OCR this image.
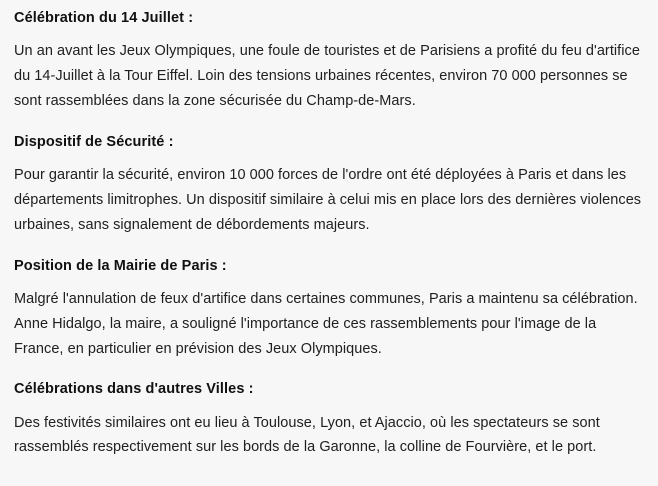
Célébration du 14 Juillet :

Un an avant les Jeux Olympiques, une foule de touristes et de Parisiens a profité du feu d'artifice du 14-Juillet à la Tour Eiffel. Loin des tensions urbaines récentes, environ 70 000 personnes se sont rassemblées dans la zone sécurisée du Champ-de-Mars.

Dispositif de Sécurité :

Pour garantir la sécurité, environ 10 000 forces de l'ordre ont été déployées à Paris et dans les départements limitrophes. Un dispositif similaire à celui mis en place lors des dernières violences urbaines, sans signalement de débordements majeurs.

Position de la Mairie de Paris :

Malgré l'annulation de feux d'artifice dans certaines communes, Paris a maintenu sa célébration. Anne Hidalgo, la maire, a souligné l'importance de ces rassemblements pour l'image de la France, en particulier en prévision des Jeux Olympiques.

Célébrations dans d'autres Villes :

Des festivités similaires ont eu lieu à Toulouse, Lyon, et Ajaccio, où les spectateurs se sont rassemblés respectivement sur les bords de la Garonne, la colline de Fourvière, et le port.
